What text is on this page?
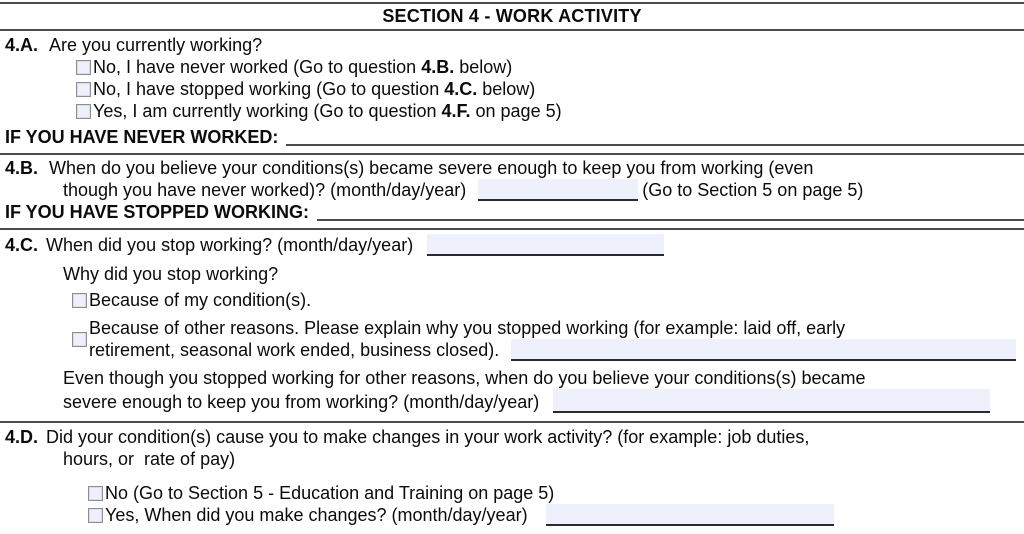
SECTION 4 - WORK ACTIVITY
4.A. Are you currently working?
No, I have never worked (Go to question 4.B. below)
No, I have stopped working (Go to question 4.C. below)
Yes, I am currently working (Go to question 4.F. on page 5)
IF YOU HAVE NEVER WORKED:
4.B. When do you believe your conditions(s) became severe enough to keep you from working (even
though you have never worked)? (month/day/year)	(Go to Section 5 on page 5)
IF YOU HAVE STOPPED WORKING:
4.C. When did you stop working? (month/day/year)
Why did you stop working?
Because of my condition(s).
Because of other reasons. Please explain why you stopped working (for example: laid off, early
retirement, seasonal work ended, business closed).
Even though you stopped working for other reasons, when do you believe your conditions(s) became
severe enough to keep you from working? (month/day/year)
4.D. Did your condition(s) cause you to make changes in your work activity? (for example: job duties,
hours, or  rate of pay)
No (Go to Section 5 - Education and Training on page 5)
Yes, When did you make changes? (month/day/year)
